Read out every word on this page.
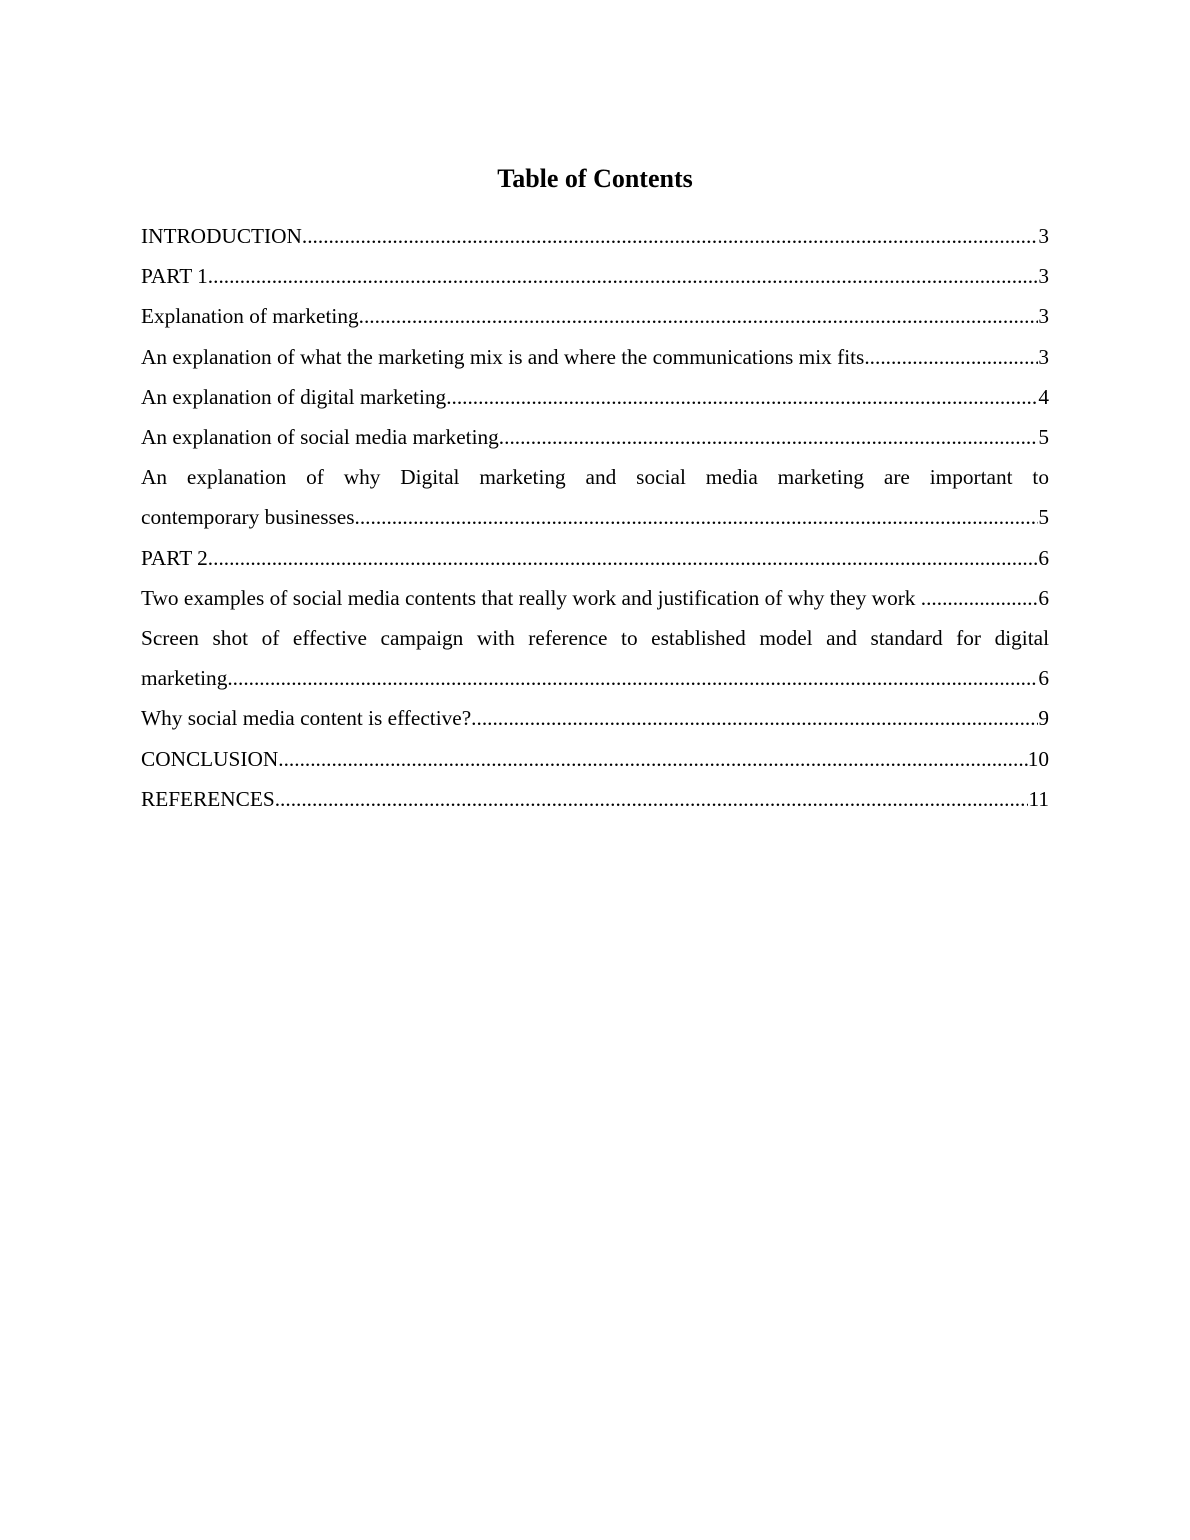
Table of Contents
INTRODUCTION .....	3
PART 1 .....	3
Explanation of marketing .....	3
An explanation of what the marketing mix is and where the communications mix fits .....	3
An explanation of digital marketing .....	4
An explanation of social media marketing .....	5
An explanation of why Digital marketing and social media marketing are important to
contemporary businesses .....	5
PART 2 .....	6
Two examples of social media contents that really work and justification of why they work .....	6
Screen shot of effective campaign with reference to established model and standard for digital
marketing .....	6
Why social media content is effective? .....	9
CONCLUSION .....	10
REFERENCES .....	11
